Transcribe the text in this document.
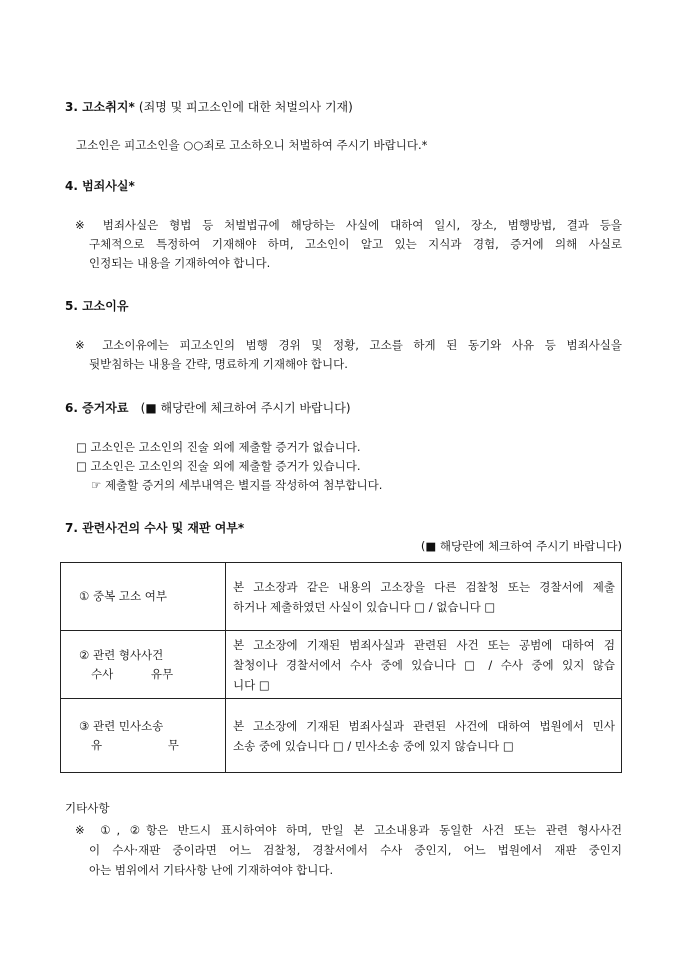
3. 고소취지* (죄명 및 피고소인에 대한 처벌의사 기재)
고소인은 피고소인을 ○○죄로 고소하오니 처벌하여 주시기 바랍니다.*
4. 범죄사실*
※ 범죄사실은 형법 등 처벌법규에 해당하는 사실에 대하여 일시, 장소, 범행방법, 결과 등을
구체적으로 특정하여 기재해야 하며, 고소인이 알고 있는 지식과 경험, 증거에 의해 사실로
인정되는 내용을 기재하여야 합니다.
5. 고소이유
※ 고소이유에는 피고소인의 범행 경위 및 정황, 고소를 하게 된 동기와 사유 등 범죄사실을
뒷받침하는 내용을 간략, 명료하게 기재해야 합니다.
6. 증거자료 (■ 해당란에 체크하여 주시기 바랍니다)
□ 고소인은 고소인의 진술 외에 제출할 증거가 없습니다.
□ 고소인은 고소인의 진술 외에 제출할 증거가 있습니다.
☞ 제출할 증거의 세부내역은 별지를 작성하여 첨부합니다.
7. 관련사건의 수사 및 재판 여부*
(■ 해당란에 체크하여 주시기 바랍니다)
① 중복 고소 여부	본 고소장과 같은 내용의 고소장을 다른 검찰청 또는 경찰서에 제출
하거나 제출하였던 사실이 있습니다 □ / 없습니다 □

② 관련 형사사건
수사 유무	본 고소장에 기재된 범죄사실과 관련된 사건 또는 공범에 대하여 검
찰청이나 경찰서에서 수사 중에 있습니다 □ / 수사 중에 있지 않습
니다 □

③ 관련 민사소송
유 무	본 고소장에 기재된 범죄사실과 관련된 사건에 대하여 법원에서 민사
소송 중에 있습니다 □ / 민사소송 중에 있지 않습니다 □
기타사항
※ ①, ②항은 반드시 표시하여야 하며, 만일 본 고소내용과 동일한 사건 또는 관련 형사사건
이 수사·재판 중이라면 어느 검찰청, 경찰서에서 수사 중인지, 어느 법원에서 재판 중인지
아는 범위에서 기타사항 난에 기재하여야 합니다.
